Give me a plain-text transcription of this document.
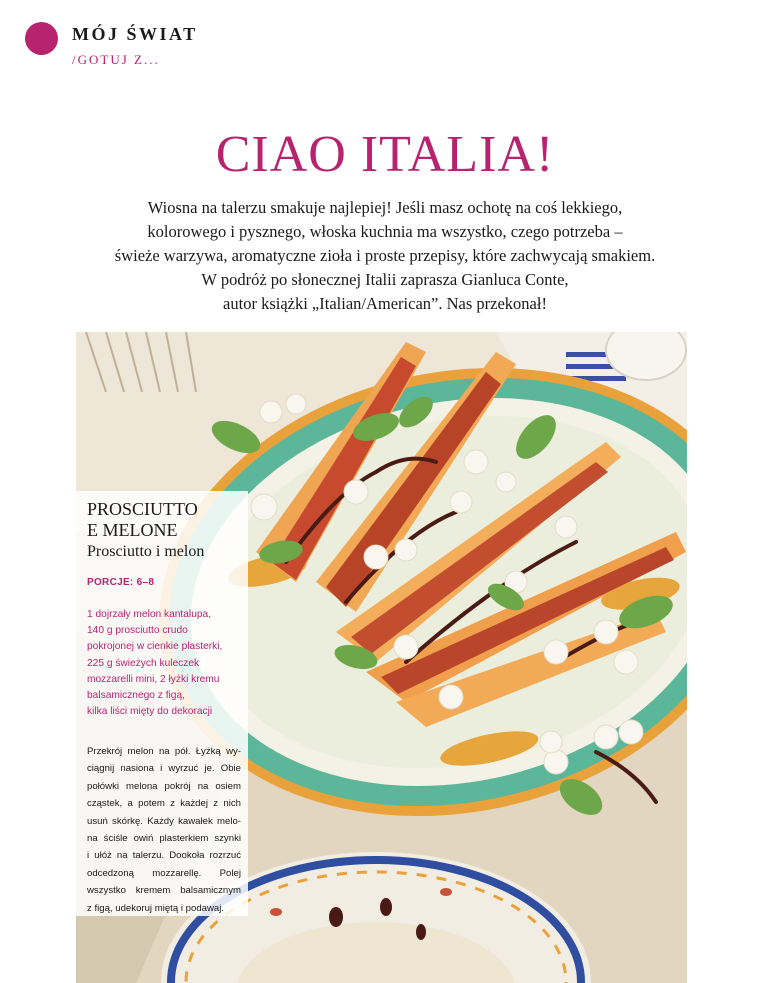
MÓJ ŚWIAT
/GOTUJ Z...
CIAO ITALIA!
Wiosna na talerzu smakuje najlepiej! Jeśli masz ochotę na coś lekkiego,
kolorowego i pysznego, włoska kuchnia ma wszystko, czego potrzeba –
świeże warzywa, aromatyczne zioła i proste przepisy, które zachwycają smakiem.
W podróż po słonecznej Italii zaprasza Gianluca Conte,
autor książki „Italian/American”. Nas przekonał!
PROSCIUTTO
E MELONE
Prosciutto i melon
PORCJE: 6–8
1 dojrzały melon kantalupa,
140 g prosciutto crudo
pokrojonej w cienkie plasterki,
225 g świeżych kuleczek
mozzarelli mini, 2 łyżki kremu
balsamicznego z figą,
kilka liści mięty do dekoracji
Przekrój melon na pół. Łyżką wy-
ciągnij nasiona i wyrzuć je. Obie
połówki melona pokrój na osiem
cząstek, a potem z każdej z nich
usuń skórkę. Każdy kawałek melo-
na ściśle owiń plasterkiem szynki
i ułóż na talerzu. Dookoła rozrzuć
odcedzoną mozzarellę. Polej
wszystko kremem balsamicznym
z figą, udekoruj miętą i podawaj.
